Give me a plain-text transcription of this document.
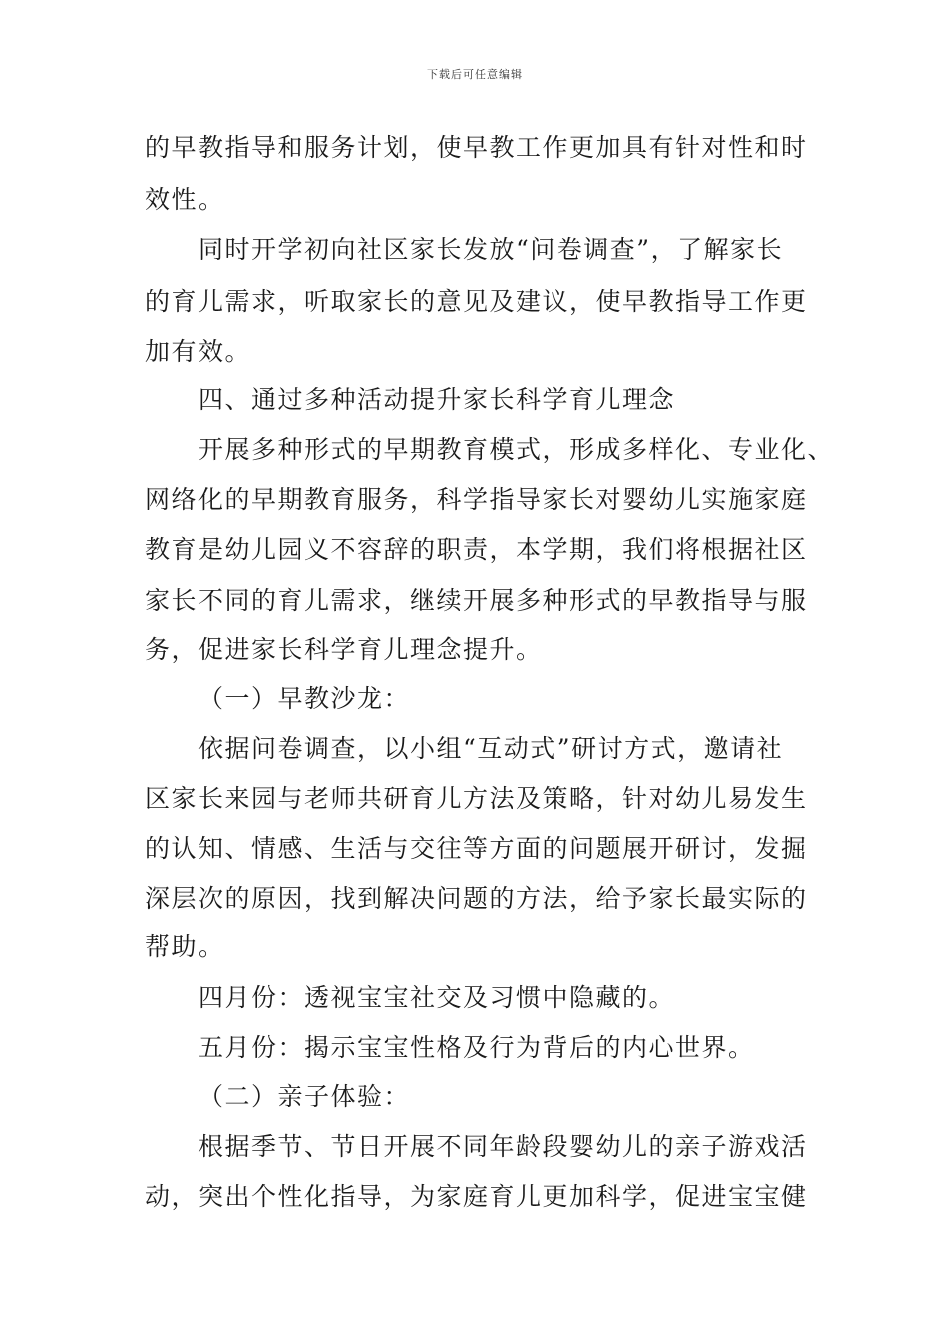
下载后可任意编辑
的早教指导和服务计划，使早教工作更加具有针对性和时
效性。
同时开学初向社区家长发放“问卷调查”，了解家长
的育儿需求，听取家长的意见及建议，使早教指导工作更
加有效。
四、通过多种活动提升家长科学育儿理念
开展多种形式的早期教育模式，形成多样化、专业化、
网络化的早期教育服务，科学指导家长对婴幼儿实施家庭
教育是幼儿园义不容辞的职责，本学期，我们将根据社区
家长不同的育儿需求，继续开展多种形式的早教指导与服
务，促进家长科学育儿理念提升。
（一）早教沙龙：
依据问卷调查，以小组“互动式”研讨方式，邀请社
区家长来园与老师共研育儿方法及策略，针对幼儿易发生
的认知、情感、生活与交往等方面的问题展开研讨，发掘
深层次的原因，找到解决问题的方法，给予家长最实际的
帮助。
四月份：透视宝宝社交及习惯中隐藏的。
五月份：揭示宝宝性格及行为背后的内心世界。
（二）亲子体验：
根据季节、节日开展不同年龄段婴幼儿的亲子游戏活
动，突出个性化指导，为家庭育儿更加科学，促进宝宝健
